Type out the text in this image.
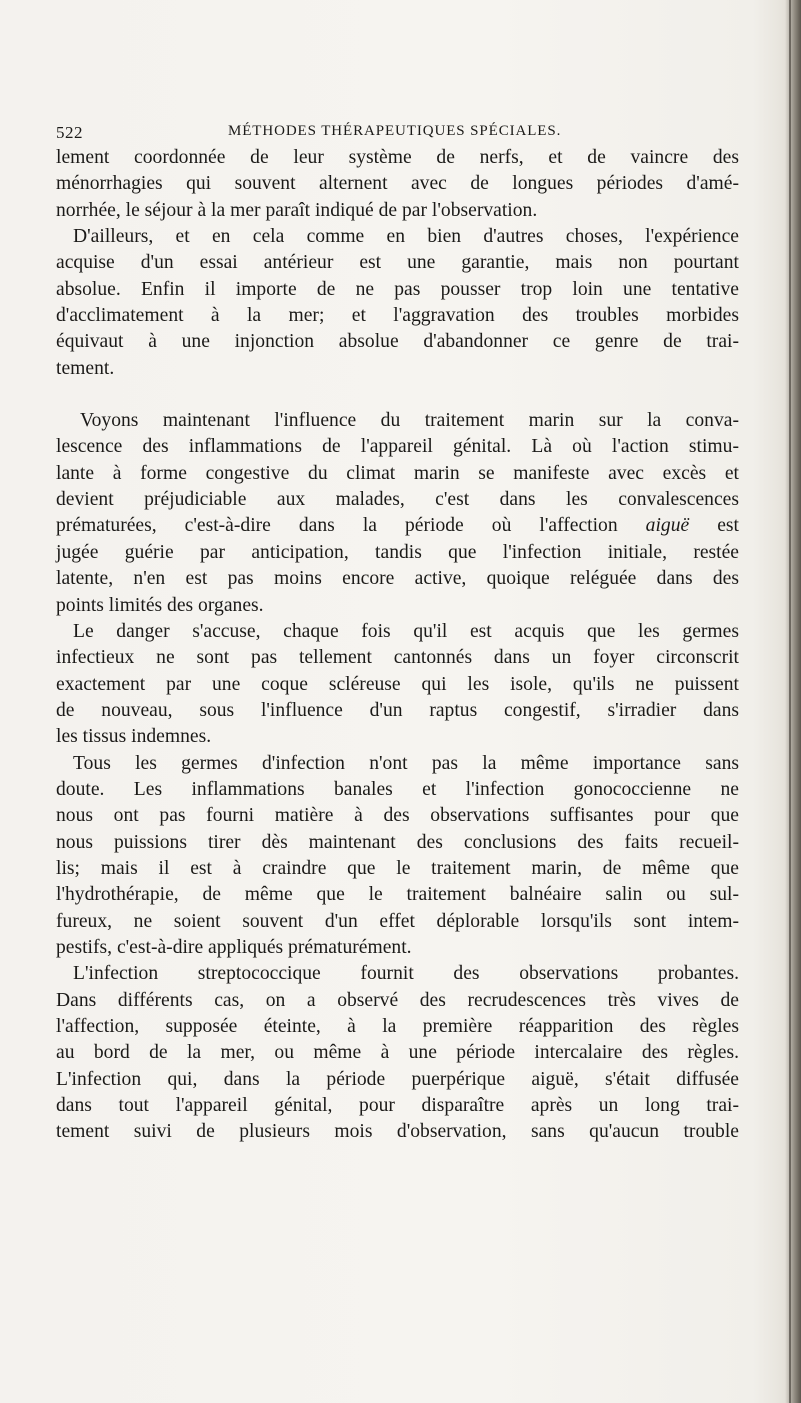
522	MÉTHODES THÉRAPEUTIQUES SPÉCIALES.
lement coordonnée de leur système de nerfs, et de vaincre des
ménorrhagies qui souvent alternent avec de longues périodes d'amé-
norrhée, le séjour à la mer paraît indiqué de par l'observation.
D'ailleurs, et en cela comme en bien d'autres choses, l'expérience
acquise d'un essai antérieur est une garantie, mais non pourtant
absolue. Enfin il importe de ne pas pousser trop loin une tentative
d'acclimatement à la mer; et l'aggravation des troubles morbides
équivaut à une injonction absolue d'abandonner ce genre de trai-
tement.
Voyons maintenant l'influence du traitement marin sur la conva-
lescence des inflammations de l'appareil génital. Là où l'action stimu-
lante à forme congestive du climat marin se manifeste avec excès et
devient préjudiciable aux malades, c'est dans les convalescences
prématurées, c'est-à-dire dans la période où l'affection aiguë est
jugée guérie par anticipation, tandis que l'infection initiale, restée
latente, n'en est pas moins encore active, quoique reléguée dans des
points limités des organes.
Le danger s'accuse, chaque fois qu'il est acquis que les germes
infectieux ne sont pas tellement cantonnés dans un foyer circonscrit
exactement par une coque scléreuse qui les isole, qu'ils ne puissent
de nouveau, sous l'influence d'un raptus congestif, s'irradier dans
les tissus indemnes.
Tous les germes d'infection n'ont pas la même importance sans
doute. Les inflammations banales et l'infection gonococcienne ne
nous ont pas fourni matière à des observations suffisantes pour que
nous puissions tirer dès maintenant des conclusions des faits recueil-
lis; mais il est à craindre que le traitement marin, de même que
l'hydrothérapie, de même que le traitement balnéaire salin ou sul-
fureux, ne soient souvent d'un effet déplorable lorsqu'ils sont intem-
pestifs, c'est-à-dire appliqués prématurément.
L'infection streptococcique fournit des observations probantes.
Dans différents cas, on a observé des recrudescences très vives de
l'affection, supposée éteinte, à la première réapparition des règles
au bord de la mer, ou même à une période intercalaire des règles.
L'infection qui, dans la période puerpérique aiguë, s'était diffusée
dans tout l'appareil génital, pour disparaître après un long trai-
tement suivi de plusieurs mois d'observation, sans qu'aucun trouble
